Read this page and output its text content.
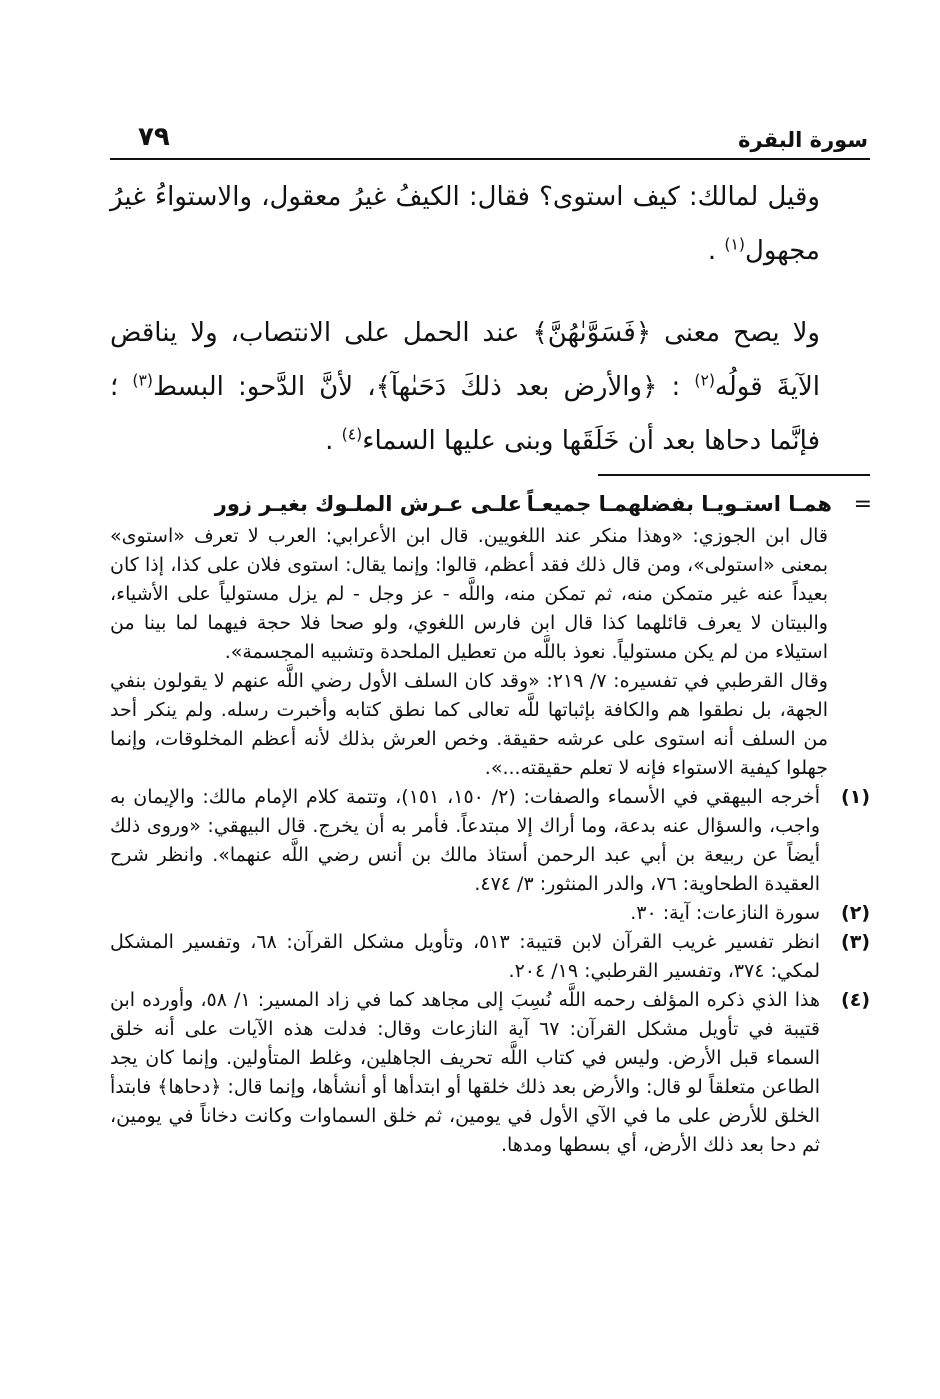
سورة البقرة
٧٩

وقيل لمالك: كيف استوى؟ فقال: الكيفُ غيرُ معقول، والاستواءُ غيرُ مجهول$^{(١)}$ .

ولا يصح معنى ﴿فَسَوَّىٰهُنَّ﴾ عند الحمل على الانتصاب، ولا يناقض الآيةَ قولُه$^{(٢)}$ : ﴿والأرض بعد ذلكَ دَحَىٰهآ﴾، لأنَّ الدَّحو: البسط$^{(٣)}$ ؛ فإنَّما دحاها بعد أن خَلَقَها وبنى عليها السماء$^{(٤)}$ .

=
همـا استـويـا بفضلهمـا جميعـاً
علـى عـرش الملـوك بغيـر زور

قال ابن الجوزي: «وهذا منكر عند اللغويين. قال ابن الأعرابي: العرب لا تعرف «استوى» بمعنى «استولى»، ومن قال ذلك فقد أعظم، قالوا: وإنما يقال: استوى فلان على كذا، إذا كان بعيداً عنه غير متمكن منه، ثم تمكن منه، واللَّه - عز وجل - لم يزل مستولياً على الأشياء، والبيتان لا يعرف قائلهما كذا قال ابن فارس اللغوي، ولو صحا فلا حجة فيهما لما بينا من استيلاء من لم يكن مستولياً. نعوذ باللَّه من تعطيل الملحدة وتشبيه المجسمة».

وقال القرطبي في تفسيره: ٧/ ٢١٩: «وقد كان السلف الأول رضي اللَّه عنهم لا يقولون بنفي الجهة، بل نطقوا هم والكافة بإثباتها للَّه تعالى كما نطق كتابه وأخبرت رسله. ولم ينكر أحد من السلف أنه استوى على عرشه حقيقة. وخص العرش بذلك لأنه أعظم المخلوقات، وإنما جهلوا كيفية الاستواء فإنه لا تعلم حقيقته...».

(١)
أخرجه البيهقي في الأسماء والصفات: (٢/ ١٥٠، ١٥١)، وتتمة كلام الإمام مالك: والإيمان به واجب، والسؤال عنه بدعة، وما أراك إلا مبتدعاً. فأمر به أن يخرج. قال البيهقي: «وروى ذلك أيضاً عن ربيعة بن أبي عبد الرحمن أستاذ مالك بن أنس رضي اللَّه عنهما». وانظر شرح العقيدة الطحاوية: ٧٦، والدر المنثور: ٣/ ٤٧٤.
(٢)
سورة النازعات: آية: ٣٠.
(٣)
انظر تفسير غريب القرآن لابن قتيبة: ٥١٣، وتأويل مشكل القرآن: ٦٨، وتفسير المشكل لمكي: ٣٧٤، وتفسير القرطبي: ١٩/ ٢٠٤.
(٤)
هذا الذي ذكره المؤلف رحمه اللَّه نُسِبَ إلى مجاهد كما في زاد المسير: ١/ ٥٨، وأورده ابن قتيبة في تأويل مشكل القرآن: ٦٧ آية النازعات وقال: فدلت هذه الآيات على أنه خلق السماء قبل الأرض. وليس في كتاب اللَّه تحريف الجاهلين، وغلط المتأولين. وإنما كان يجد الطاعن متعلقاً لو قال: والأرض بعد ذلك خلقها أو ابتدأها أو أنشأها، وإنما قال: ﴿دحاها﴾ فابتدأ الخلق للأرض على ما في الآي الأول في يومين، ثم خلق السماوات وكانت دخاناً في يومين، ثم دحا بعد ذلك الأرض، أي بسطها ومدها.
